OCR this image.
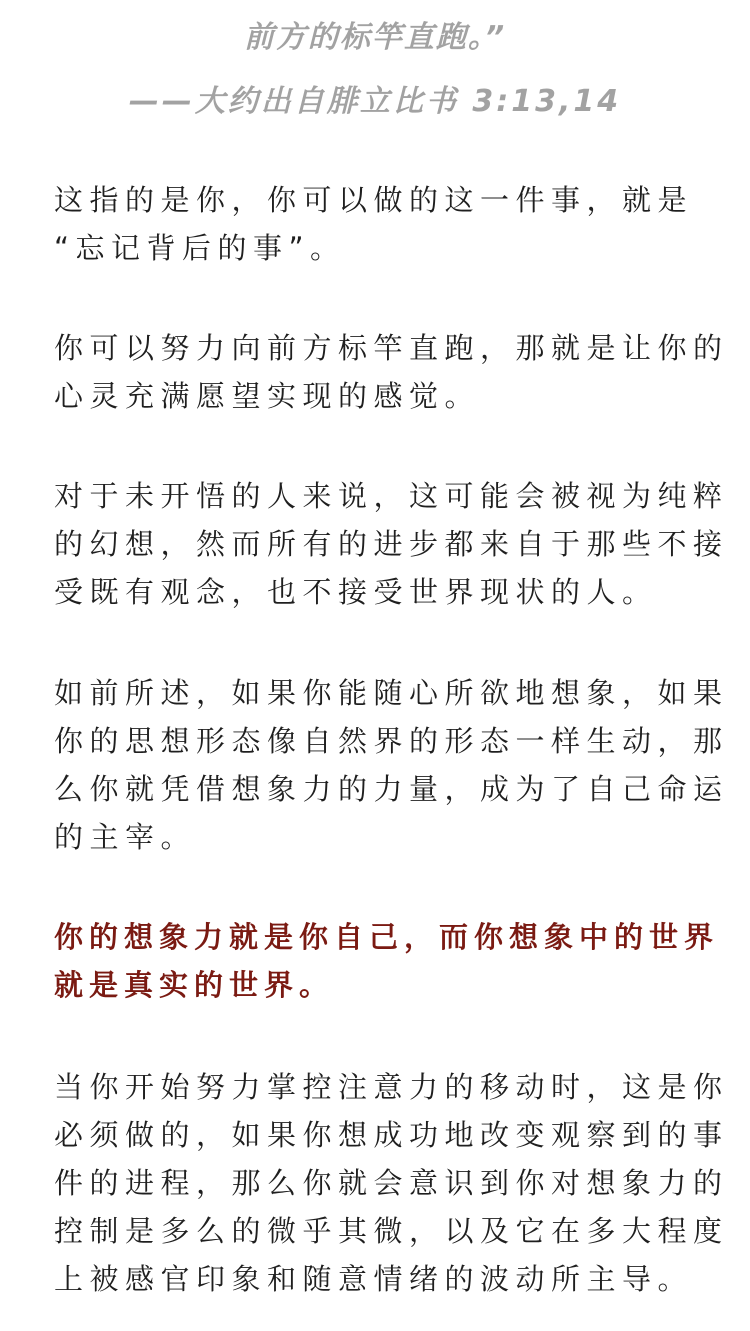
前方的标竿直跑。”
——大约出自腓立比书 3:13,14

这指的是你，你可以做的这一件事，就是
“忘记背后的事”。

你可以努力向前方标竿直跑，那就是让你的
心灵充满愿望实现的感觉。

对于未开悟的人来说，这可能会被视为纯粹
的幻想，然而所有的进步都来自于那些不接
受既有观念，也不接受世界现状的人。

如前所述，如果你能随心所欲地想象，如果
你的思想形态像自然界的形态一样生动，那
么你就凭借想象力的力量，成为了自己命运
的主宰。

你的想象力就是你自己，而你想象中的世界
就是真实的世界。

当你开始努力掌控注意力的移动时，这是你
必须做的，如果你想成功地改变观察到的事
件的进程，那么你就会意识到你对想象力的
控制是多么的微乎其微，以及它在多大程度
上被感官印象和随意情绪的波动所主导。
